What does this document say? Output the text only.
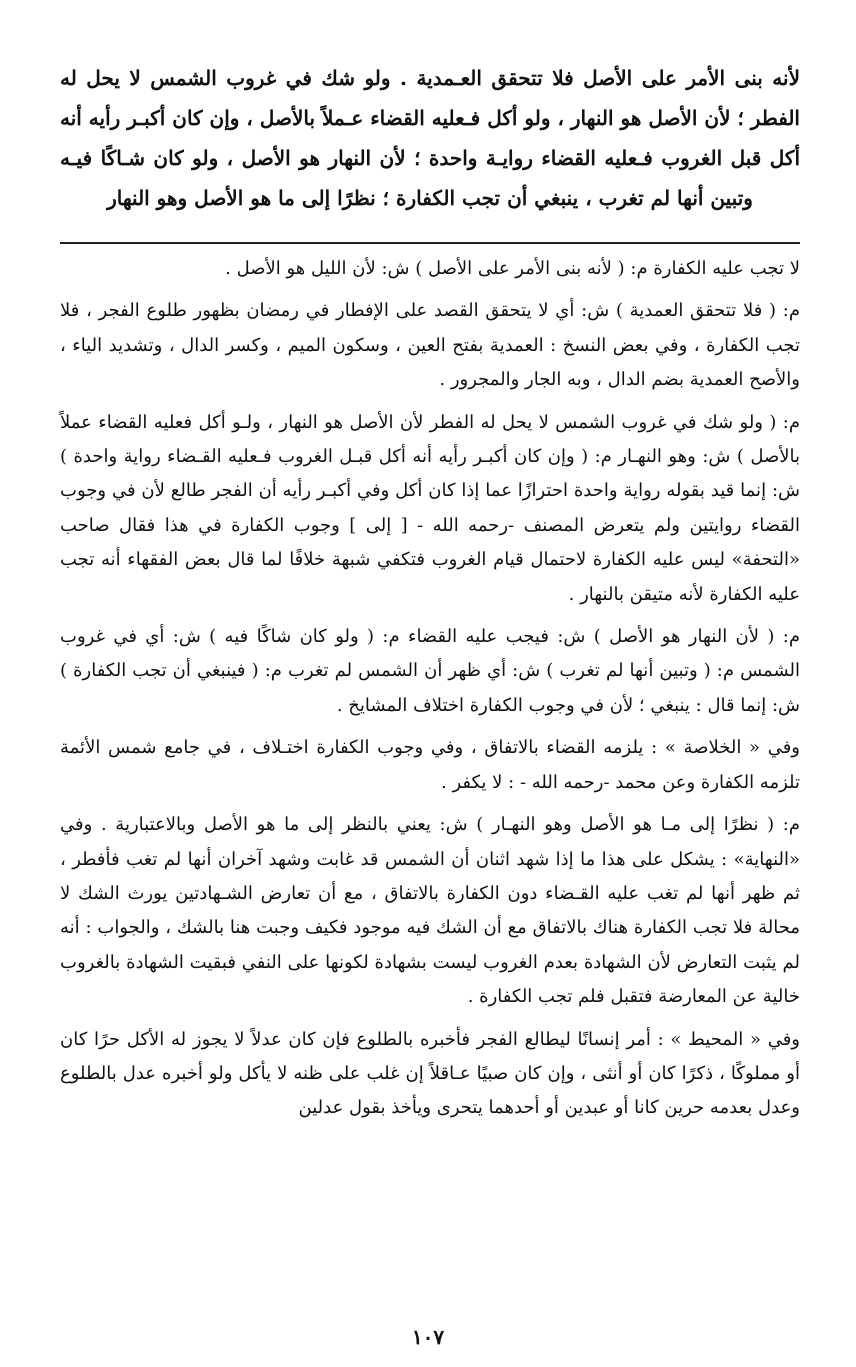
لأنه بنى الأمر على الأصل فلا تتحقق العـمدية . ولو شك في غروب الشمس لا يحل له الفطر ؛ لأن الأصل هو النهار ، ولو أكل فـعليه القضاء عـملاً بالأصل ، وإن كان أكبـر رأيه أنه أكل قبل الغروب فـعليه القضاء روايـة واحدة ؛ لأن النهار هو الأصل ، ولو كان شـاكًا فيـه وتبين أنها لم تغرب ، ينبغي أن تجب الكفارة ؛ نظرًا إلى ما هو الأصل وهو النهار

لا تجب عليه الكفارة م: ( لأنه بنى الأمر على الأصل ) ش: لأن الليل هو الأصل .

م: ( فلا تتحقق العمدية ) ش: أي لا يتحقق القصد على الإفطار في رمضان بظهور طلوع الفجر ، فلا تجب الكفارة ، وفي بعض النسخ : العمدية بفتح العين ، وسكون الميم ، وكسر الدال ، وتشديد الياء ، والأصح العمدية بضم الدال ، وبه الجار والمجرور .

م: ( ولو شك في غروب الشمس لا يحل له الفطر لأن الأصل هو النهار ، ولـو أكل فعليه القضاء عملاً بالأصل ) ش: وهو النهـار م: ( وإن كان أكبـر رأيه أنه أكل قبـل الغروب فـعليه القـضاء رواية واحدة ) ش: إنما قيد بقوله رواية واحدة احترازًا عما إذا كان أكل وفي أكبـر رأيه أن الفجر طالع لأن في وجوب القضاء روايتين ولم يتعرض المصنف -رحمه الله - [ إلى ] وجوب الكفارة في هذا فقال صاحب «التحفة» ليس عليه الكفارة لاحتمال قيام الغروب فتكفي شبهة خلافًا لما قال بعض الفقهاء أنه تجب عليه الكفارة لأنه متيقن بالنهار .

م: ( لأن النهار هو الأصل ) ش: فيجب عليه القضاء م: ( ولو كان شاكًا فيه ) ش: أي في غروب الشمس م: ( وتبين أنها لم تغرب ) ش: أي ظهر أن الشمس لم تغرب م: ( فينبغي أن تجب الكفارة ) ش: إنما قال : ينبغي ؛ لأن في وجوب الكفارة اختلاف المشايخ .

وفي « الخلاصة » : يلزمه القضاء بالاتفاق ، وفي وجوب الكفارة اختـلاف ، في جامع شمس الأئمة تلزمه الكفارة وعن محمد -رحمه الله - : لا يكفر .

م: ( نظرًا إلى مـا هو الأصل وهو النهـار ) ش: يعني بالنظر إلى ما هو الأصل وبالاعتبارية . وفي «النهاية» : يشكل على هذا ما إذا شهد اثنان أن الشمس قد غابت وشهد آخران أنها لم تغب فأفطر ، ثم ظهر أنها لم تغب عليه القـضاء دون الكفارة بالاتفاق ، مع أن تعارض الشـهادتين يورث الشك لا محالة فلا تجب الكفارة هناك بالاتفاق مع أن الشك فيه موجود فكيف وجبت هنا بالشك ، والجواب : أنه لم يثبت التعارض لأن الشهادة بعدم الغروب ليست بشهادة لكونها على النفي فبقيت الشهادة بالغروب خالية عن المعارضة فتقبل فلم تجب الكفارة .

وفي « المحيط » : أمر إنسانًا ليطالع الفجر فأخبره بالطلوع فإن كان عدلاً لا يجوز له الأكل حرًا كان أو مملوكًا ، ذكرًا كان أو أنثى ، وإن كان صبيًا عـاقلاً إن غلب على ظنه لا يأكل ولو أخبره عدل بالطلوع وعدل بعدمه حرين كانا أو عبدين أو أحدهما يتحرى ويأخذ بقول عدلين

١٠٧
